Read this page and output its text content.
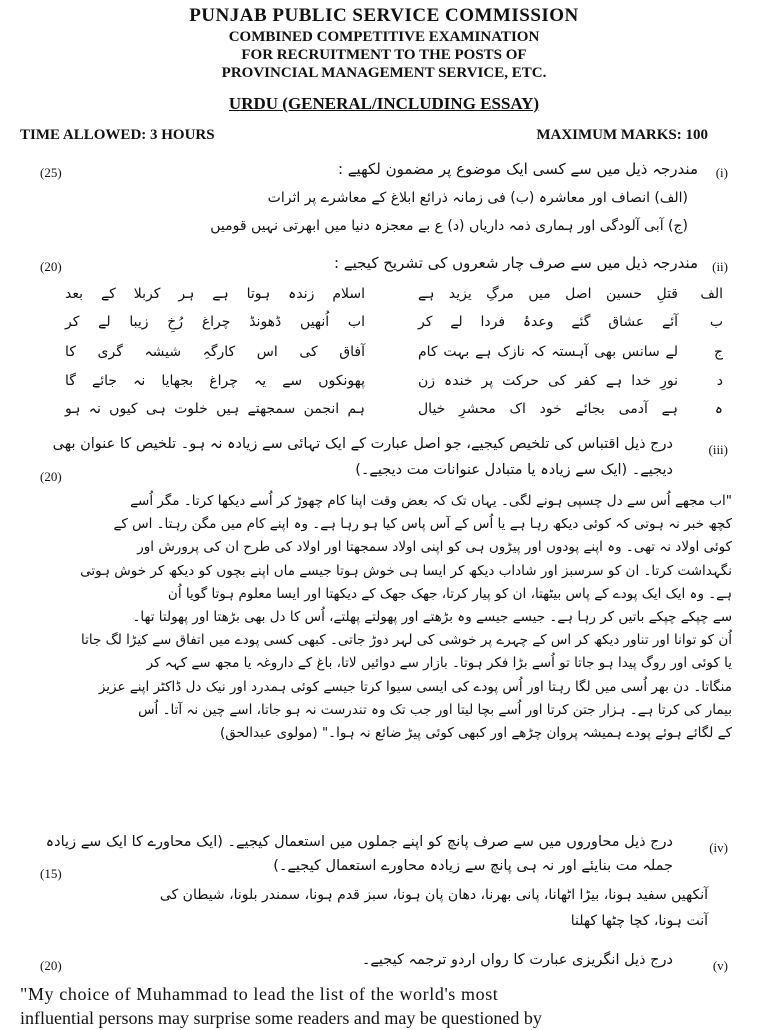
PUNJAB PUBLIC SERVICE COMMISSION
COMBINED COMPETITIVE EXAMINATION
FOR RECRUITMENT TO THE POSTS OF
PROVINCIAL MANAGEMENT SERVICE, ETC.
URDU (GENERAL/INCLUDING ESSAY)
TIME ALLOWED: 3 HOURS	MAXIMUM MARKS: 100
(i)
(25)	مندرجہ ذیل میں سے کسی ایک موضوع پر مضمون لکھیے :
(الف) انصاف اور معاشرہ (ب) فی زمانہ ذرائع ابلاغ کے معاشرے پر اثرات
(ج) آبی آلودگی اور ہماری ذمہ داریاں (د) ع بے معجزہ دنیا میں ابھرتی نہیں قومیں
(ii)
(20)	مندرجہ ذیل میں سے صرف چار شعروں کی تشریح کیجیے :
الف
قتلِ حسین اصل میں مرگِ یزید ہے
اسلام زندہ ہوتا ہے ہر کربلا کے بعد
ب
آئے عشاق گئے وعدۂ فردا لے کر
اب اُنھیں ڈھونڈ چراغ رُخِ زیبا لے کر
ج
لے سانس بھی آہستہ کہ نازک ہے بہت کام
آفاق کی اس کارگہِ شیشہ گری کا
د
نورِ خدا ہے کفر کی حرکت پر خندہ زن
پھونکوں سے یہ چراغ بجھایا نہ جائے گا
ہ
ہے آدمی بجائے خود اک محشرِ خیال
ہم انجمن سمجھتے ہیں خلوت ہی کیوں نہ ہو
(iii)
درج ذیل اقتباس کی تلخیص کیجیے، جو اصل عبارت کے ایک تہائی سے زیادہ نہ ہو۔ تلخیص کا عنوان بھی
دیجیے۔ (ایک سے زیادہ یا متبادل عنوانات مت دیجیے۔)
(20)
"اب مجھے اُس سے دل چسپی ہونے لگی۔ یہاں تک کہ بعض وقت اپنا کام چھوڑ کر اُسے دیکھا کرتا۔ مگر اُسے
کچھ خبر نہ ہوتی کہ کوئی دیکھ رہا ہے یا اُس کے آس پاس کیا ہو رہا ہے۔ وہ اپنے کام میں مگن رہتا۔ اس کے
کوئی اولاد نہ تھی۔ وہ اپنے پودوں اور پیڑوں ہی کو اپنی اولاد سمجھتا اور اولاد کی طرح ان کی پرورش اور
نگہداشت کرتا۔ ان کو سرسبز اور شاداب دیکھ کر ایسا ہی خوش ہوتا جیسے ماں اپنے بچوں کو دیکھ کر خوش ہوتی
ہے۔ وہ ایک ایک پودے کے پاس بیٹھتا، ان کو پیار کرتا، جھک جھک کے دیکھتا اور ایسا معلوم ہوتا گویا اُن
سے چپکے چپکے باتیں کر رہا ہے۔ جیسے جیسے وہ بڑھتے اور پھولتے پھلتے، اُس کا دل بھی بڑھتا اور پھولتا تھا۔
اُن کو توانا اور تناور دیکھ کر اس کے چہرے پر خوشی کی لہر دوڑ جاتی۔ کبھی کسی پودے میں اتفاق سے کیڑا لگ جاتا
یا کوئی اور روگ پیدا ہو جاتا تو اُسے بڑا فکر ہوتا۔ بازار سے دوائیں لاتا، باغ کے داروغہ یا مجھ سے کہہ کر
منگاتا۔ دن بھر اُسی میں لگا رہتا اور اُس پودے کی ایسی سیوا کرتا جیسے کوئی ہمدرد اور نیک دل ڈاکٹر اپنے عزیز
بیمار کی کرتا ہے۔ ہزار جتن کرتا اور اُسے بچا لیتا اور جب تک وہ تندرست نہ ہو جاتا، اسے چین نہ آتا۔ اُس
کے لگائے ہوئے پودے ہمیشہ پروان چڑھے اور کبھی کوئی پیڑ ضائع نہ ہوا۔" (مولوی عبدالحق)
(iv)
درج ذیل محاوروں میں سے صرف پانچ کو اپنے جملوں میں استعمال کیجیے۔ (ایک محاورے کا ایک سے زیادہ
جملہ مت بنایئے اور نہ ہی پانچ سے زیادہ محاورے استعمال کیجیے۔)
(15)
آنکھیں سفید ہونا، بیڑا اٹھانا، پانی بھرنا، دھان پان ہونا، سبز قدم ہونا، سمندر بلونا، شیطان کی
آنت ہونا، کچا چٹھا کھلنا
(v)
(20)	درج ذیل انگریزی عبارت کا رواں اردو ترجمہ کیجیے۔
"My choice of Muhammad to lead the list of the world's most
influential persons may surprise some readers and may be questioned by
